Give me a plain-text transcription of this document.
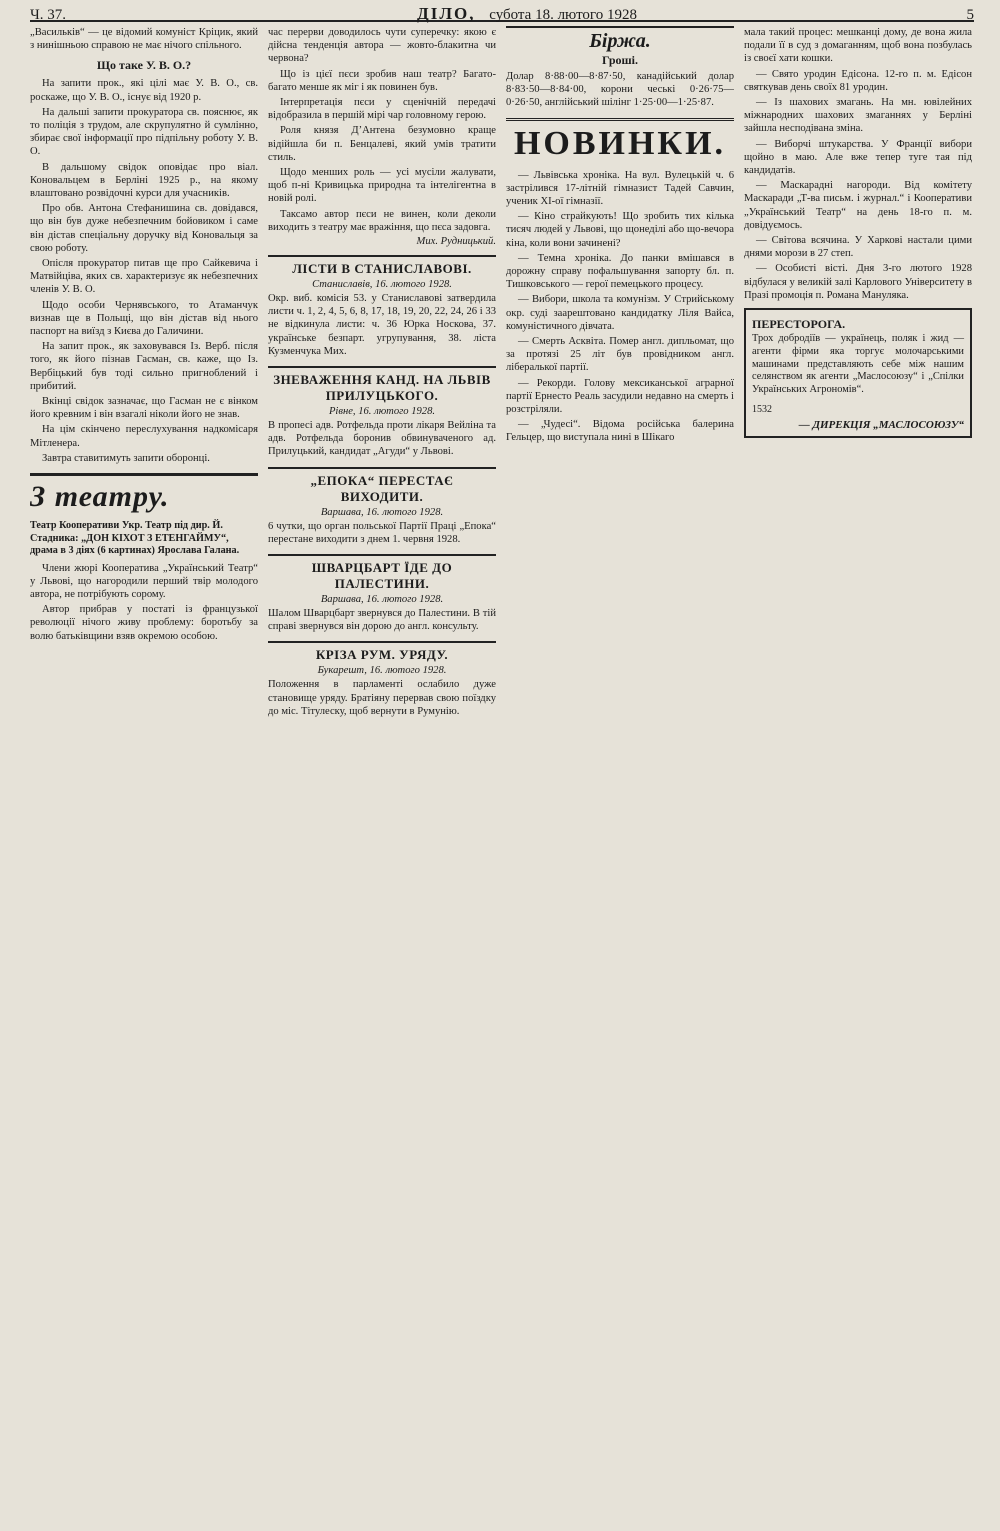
Ч. 37.	ДІЛО, субота 18. лютого 1928	5

„Васильків“ — це відомий комуніст Кріцик, який з нинішньою справою не має нічого спільного.

Що таке У. В. О.?

На запити прок., які цілі має У. В. О., св. роскаже, що У. В. О., існує від 1920 р.

На дальші запити прокуратора св. пояснює, як то поліція з трудом, але скрупулятно й сумлінно, збирає свої інформації про підпільну роботу У. В. О.

В дальшому свідок оповідає про віал. Коновальцем в Берліні 1925 р., на якому влаштовано розвідочні курси для учасників.

Про обв. Антона Стефанишина св. довідався, що він був дуже небезпечним бойовиком і саме він дістав спеціальну доручку від Коновальця за свою роботу.

Опісля прокуратор питав ще про Сайкевича і Матвійціва, яких св. характеризує як небезпечних членів У. В. О.

Щодо особи Чернявського, то Атаманчук визнав ще в Польщі, що він дістав від нього паспорт на виїзд з Києва до Галичини.

На запит прок., як заховувався Із. Верб. після того, як його пізнав Гасман, св. каже, що Із. Вербіцький був тоді сильно пригноблений і прибитий.

Вкінці свідок зазначає, що Гасман не є вінком його кревним і він взагалі ніколи його не знав.

На цім скінчено переслухування надкомісаря Мітленера.

Завтра ставитимуть запити оборонці.

З театру.
Театр Кооперативи Укр. Театр під дир. Й. Стадника: „ДОН КІХОТ З ЕТЕНГАЙМУ“, драма в 3 діях (6 картинах) Ярослава Галана.

Члени жюрі Кооператива „Український Театр“ у Львові, що нагородили перший твір молодого автора, не потрібують сорому.

Автор прибрав у постаті із французької революції нічого живу проблему: боротьбу за волю батьківщини взяв окремою особою.

час перерви доводилось чути суперечку: якою є дійсна тенденція автора — жовто-блакитна чи червона?

Що із цієї пєси зробив наш театр? Багато-багато менше як міг і як повинен був.

Інтерпретація пєси у сценічній передачі відобразила в першій мірі чар головному герою.

Роля князя Д’Антена безумовно краще відійшла би п. Бенцалеві, який умів тратити стиль.

Щодо менших роль — усі мусіли жалувати, щоб п-ні Кривицька природна та інтелігентна в новій ролі.

Таксамо автор пєси не винен, коли деколи виходить з театру має вражіння, що пєса задовга.

Мих. Рудницький.
ЛІСТИ В СТАНИСЛАВОВІ.
Станиславів, 16. лютого 1928.

Окр. виб. комісія 53. у Станиславові затвердила листи ч. 1, 2, 4, 5, 6, 8, 17, 18, 19, 20, 22, 24, 26 і 33 не відкинула листи: ч. 36 Юрка Носкова, 37. українське безпарт. угрупування, 38. ліста Кузменчука Мих.

ЗНЕВАЖЕННЯ КАНД. НА ЛЬВІВ ПРИЛУЦЬКОГО.
Рівне, 16. лютого 1928.

В пропесі адв. Ротфельда проти лікаря Вейліна та адв. Ротфельда боронив обвинуваченого ад. Прилуцький, кандидат „Агуди“ у Львові.

„ЕПОКА“ ПЕРЕСТАЄ ВИХОДИТИ.
Варшава, 16. лютого 1928.

6 чутки, що орган польської Партії Праці „Епока“ перестане виходити з днем 1. червня 1928.

ШВАРЦБАРТ ЇДЕ ДО ПАЛЕСТИНИ.
Варшава, 16. лютого 1928.

Шалом Шварцбарт звернувся до Палестини. В тій справі звернувся він дорою до англ. консульту.

КРІЗА РУМ. УРЯДУ.
Букарешт, 16. лютого 1928.

Положення в парламенті ослабило дуже становище уряду. Братіяну перервав свою поїздку до міс. Тітулеску, щоб вернути в Румунію.

Біржа.
Гроші.

Долар 8·88·00—8·87·50, канадійський долар 8·83·50—8·84·00, корони чеські 0·26·75—0·26·50, англійський шілінг 1·25·00—1·25·87.

НОВИНКИ.

— Львівська хроніка. На вул. Вулецькій ч. 6 застрілився 17-літній гімназист Тадей Савчин, ученик ХІ-ої гімназії.

— Кіно страйкують! Що зробить тих кілька тисяч людей у Львові, що щонеділі або що-вечора кіна, коли вони зачинені?

— Темна хроніка. До панки вмішався в дорожну справу пофальшування запорту бл. п. Тишковського — герої пемецького процесу.

— Вибори, школа та комунізм. У Стрийському окр. суді заарештовано кандидатку Ліля Вайса, комуністичного дівчата.

— Смерть Асквіта. Помер англ. дипльомат, що за протязі 25 літ був провідником англ. лібералької партії.

— Рекорди. Голову мексиканської аграрної партії Ернесто Реаль засудили недавно на смерть і розстріляли.

— „Чудесі“. Відома російська балерина Гельцер, що виступала нині в Шікаго

мала такий процес: мешканці дому, де вона жила подали її в суд з домаганням, щоб вона позбулась із своєї хати кошки.

— Свято уродин Едісона. 12-го п. м. Едісон святкував день своїх 81 уродин.

— Із шахових змагань. На мн. ювілейних міжнародних шахових змаганнях у Берліні зайшла несподівана зміна.

— Виборчі штукарства. У Франції вибори щойно в маю. Але вже тепер туге тая під кандидатів.

— Маскарадні нагороди. Від комітету Маскаради „Т-ва письм. і журнал.“ і Кооперативи „Український Театр“ на день 18-го п. м. довідуємось.

— Світова всячина. У Харкові настали цими днями морози в 27 степ.

— Особисті вісті. Дня 3-го лютого 1928 відбулася у великій залі Карлового Університету в Празі промоція п. Романа Мануляка.

ПЕРЕСТОРОГА.

Трох добродіїв — українець, поляк і жид — агенти фірми яка торгує молочарськими машинами представляють себе між нашим селянством як агенти „Маслосоюзу“ і „Спілки Українських Агрономів“.

1532
— ДИРЕКЦІЯ „МАСЛОСОЮЗУ“
